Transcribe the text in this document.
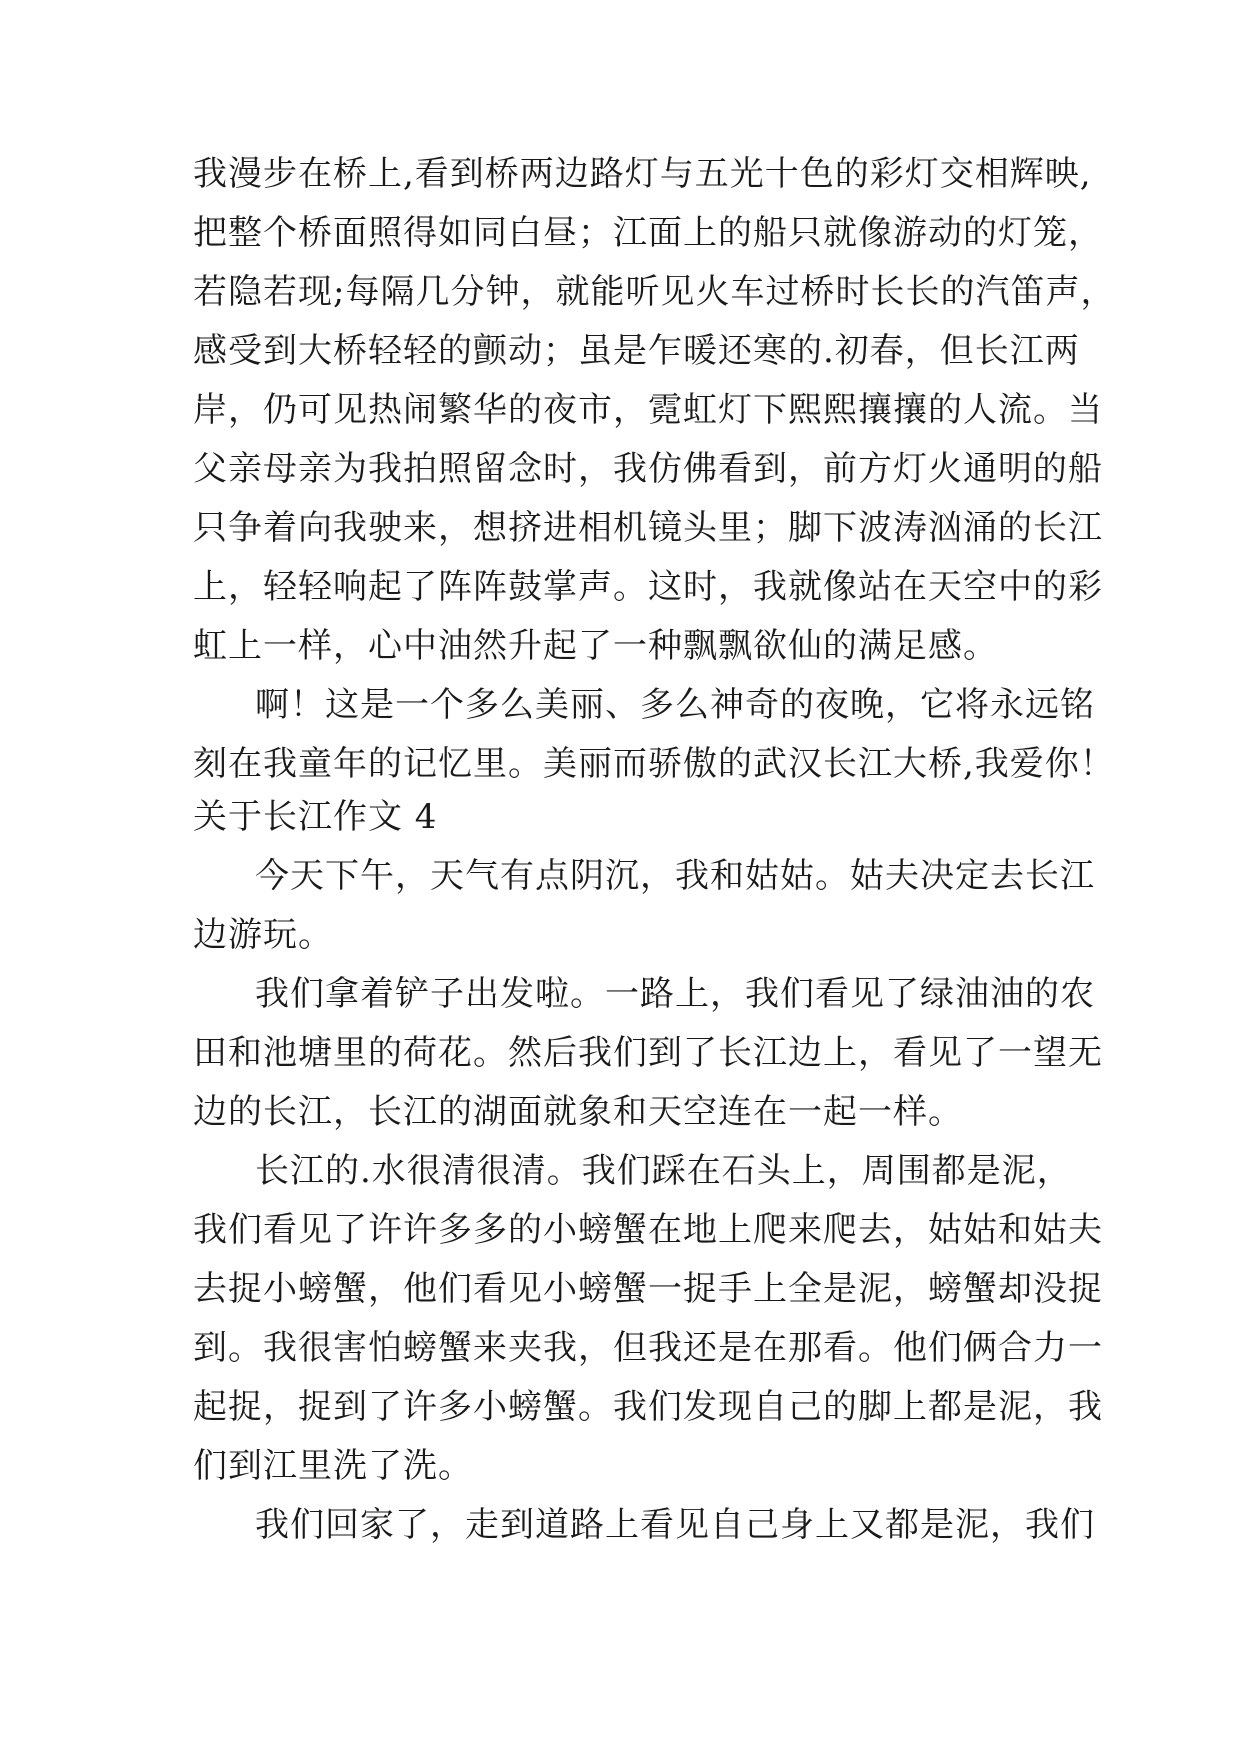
我漫步在桥上,看到桥两边路灯与五光十色的彩灯交相辉映,
把整个桥面照得如同白昼；江面上的船只就像游动的灯笼，
若隐若现;每隔几分钟，就能听见火车过桥时长长的汽笛声，
感受到大桥轻轻的颤动；虽是乍暖还寒的.初春，但长江两
岸，仍可见热闹繁华的夜市，霓虹灯下熙熙攘攘的人流。当
父亲母亲为我拍照留念时，我仿佛看到，前方灯火通明的船
只争着向我驶来，想挤进相机镜头里；脚下波涛汹涌的长江
上，轻轻响起了阵阵鼓掌声。这时，我就像站在天空中的彩
虹上一样，心中油然升起了一种飘飘欲仙的满足感。
啊！这是一个多么美丽、多么神奇的夜晚，它将永远铭
刻在我童年的记忆里。美丽而骄傲的武汉长江大桥,我爱你！
关于长江作文 4
今天下午，天气有点阴沉，我和姑姑。姑夫决定去长江
边游玩。
我们拿着铲子出发啦。一路上，我们看见了绿油油的农
田和池塘里的荷花。然后我们到了长江边上，看见了一望无
边的长江，长江的湖面就象和天空连在一起一样。
长江的.水很清很清。我们踩在石头上，周围都是泥，
我们看见了许许多多的小螃蟹在地上爬来爬去，姑姑和姑夫
去捉小螃蟹，他们看见小螃蟹一捉手上全是泥，螃蟹却没捉
到。我很害怕螃蟹来夹我，但我还是在那看。他们俩合力一
起捉，捉到了许多小螃蟹。我们发现自己的脚上都是泥，我
们到江里洗了洗。
我们回家了，走到道路上看见自己身上又都是泥，我们
